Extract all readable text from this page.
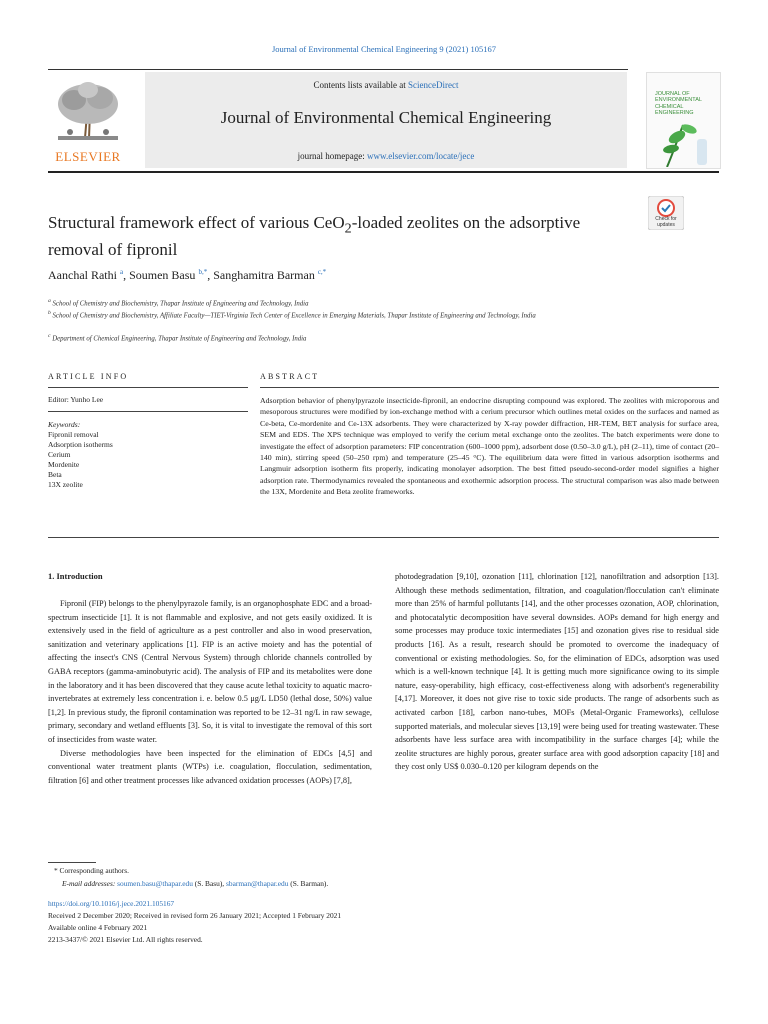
Journal of Environmental Chemical Engineering 9 (2021) 105167
ELSEVIER
Contents lists available at ScienceDirect
Journal of Environmental Chemical Engineering
journal homepage: www.elsevier.com/locate/jece
JOURNAL OF ENVIRONMENTAL CHEMICAL ENGINEERING
Check for updates
Structural framework effect of various CeO$_2$-loaded zeolites on the adsorptive removal of fipronil
Aanchal Rathi $^a$, Soumen Basu $^{b,*}$, Sanghamitra Barman $^{c,*}$
$^a$ School of Chemistry and Biochemistry, Thapar Institute of Engineering and Technology, India
$^b$ School of Chemistry and Biochemistry, Affiliate Faculty—TIET-Virginia Tech Center of Excellence in Emerging Materials, Thapar Institute of Engineering and Technology, India
$^c$ Department of Chemical Engineering, Thapar Institute of Engineering and Technology, India
ARTICLE INFO
Editor: Yunho Lee
Keywords:
Fipronil removal
Adsorption isotherms
Cerium
Mordenite
Beta
13X zeolite
ABSTRACT
Adsorption behavior of phenylpyrazole insecticide-fipronil, an endocrine disrupting compound was explored. The zeolites with microporous and mesoporous structures were modified by ion-exchange method with a cerium precursor which outlines metal oxides on the surfaces and named as Ce-beta, Ce-mordenite and Ce-13X adsorbents. They were characterized by X-ray powder diffraction, HR-TEM, BET analysis for surface area, SEM and EDS. The XPS technique was employed to verify the cerium metal exchange onto the zeolites. The batch experiments were done to investigate the effect of adsorption parameters: FIP concentration (600–1000 ppm), adsorbent dose (0.50–3.0 g/L), pH (2–11), time of contact (20–140 min), stirring speed (50–250 rpm) and temperature (25–45 °C). The equilibrium data were fitted in various adsorption isotherms and Langmuir adsorption isotherm fits properly, indicating monolayer adsorption. The best fitted pseudo-second-order model signifies a higher adsorption rate. Thermodynamics revealed the spontaneous and exothermic adsorption process. The structural comparison was also made between the 13X, Mordenite and Beta zeolite frameworks.
1. Introduction

Fipronil (FIP) belongs to the phenylpyrazole family, is an organophosphate EDC and a broad-spectrum insecticide [1]. It is not flammable and explosive, and not gets easily oxidized. It is extensively used in the field of agriculture as a pest controller and also in wood preservation, sanitization and veterinary applications [1]. FIP is an active moiety and has the potential of affecting the insect's CNS (Central Nervous System) through chloride channels controlled by GABA receptors (gamma-aminobutyric acid). The analysis of FIP and its metabolites were done in the laboratory and it has been discovered that they cause acute lethal toxicity to aquatic macro-invertebrates at extremely less concentration i. e. below 0.5 μg/L LD50 (lethal dose, 50%) value [1,2]. In previous study, the fipronil contamination was reported to be 12–31 ng/L in raw sewage, primary, secondary and wetland effluents [3]. So, it is vital to investigate the removal of this sort of insecticides from waste water.

Diverse methodologies have been inspected for the elimination of EDCs [4,5] and conventional water treatment plants (WTPs) i.e. coagulation, flocculation, sedimentation, filtration [6] and other treatment processes like advanced oxidation processes (AOPs) [7,8],

photodegradation [9,10], ozonation [11], chlorination [12], nanofiltration and adsorption [13]. Although these methods sedimentation, filtration, and coagulation/flocculation can't eliminate more than 25% of harmful pollutants [14], and the other processes ozonation, AOP, chlorination, and photocatalytic decomposition have several downsides. AOPs demand for high energy and some processes may produce toxic intermediates [15] and ozonation gives rise to residual side products [16]. As a result, research should be promoted to overcome the inadequacy of conventional or existing methodologies. So, for the elimination of EDCs, adsorption was used which is a well-known technique [4]. It is getting much more significance owing to its simple nature, easy-operability, high efficacy, cost-effectiveness along with adsorbent's regenerability [4,17]. Moreover, it does not give rise to toxic side products. The range of adsorbents such as activated carbon [18], carbon nano-tubes, MOFs (Metal-Organic Frameworks), cellulose supported materials, and molecular sieves [13,19] were being used for treating wastewater. These adsorbents have less surface area with incompatibility in the surface charges [4]; while the zeolite structures are highly porous, greater surface area with good adsorption capacity [18] and they cost only US$ 0.030–0.120 per kilogram depends on the

* Corresponding authors.
E-mail addresses: soumen.basu@thapar.edu (S. Basu), sbarman@thapar.edu (S. Barman).
https://doi.org/10.1016/j.jece.2021.105167
Received 2 December 2020; Received in revised form 26 January 2021; Accepted 1 February 2021
Available online 4 February 2021
2213-3437/© 2021 Elsevier Ltd. All rights reserved.
